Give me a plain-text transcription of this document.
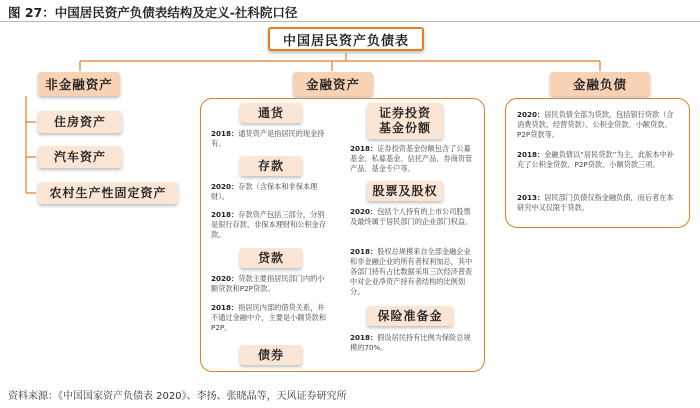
图 27：中国居民资产负债表结构及定义-社科院口径
中国居民资产负债表
非金融资产
住房资产
汽车资产
农村生产性固定资产
金融资产
通货
2018：通货资产是指居民的现金持有。
存款
2020：存款（含保本和非保本理财）。
2018：存款资产包括三部分，分别是银行存款、非保本理财和公积金存款。
贷款
2020：贷款主要指居民部门内的小额贷款和P2P贷款。
2018：指居民内部的借贷关系，并不通过金融中介，主要是小额贷款和P2P。
债券
证券投资
基金份额
2018：证券投资基金份额包含了公募基金、私募基金、信托产品、券商资管产品、基金专户等。
股票及股权
2020：包括个人持有的上市公司股票及最终属于居民部门的企业部门权益。
2018：股权总规模来自全部金融企业和非金融企业的所有者权利加总，其中各部门持有占比数据采用三次经济普查中对企业净资产持有者结构的比例划分。
保险准备金
2018：假设居民持有比例为保险总规模的70%。
金融负债
2020：居民负债全部为贷款，包括银行贷款（含消费贷款、经营贷款）、公积金贷款、小额贷款、P2P贷款等。
2018：金融负债以“居民贷款”为主，此版本中补充了公积金贷款、P2P贷款、小额贷款三项。
2013：居民部门负债仅指金融负债，而后者在本研究中又仅限于贷款。
资料来源：《中国国家资产负债表 2020》、李扬、张晓晶等，天风证券研究所
